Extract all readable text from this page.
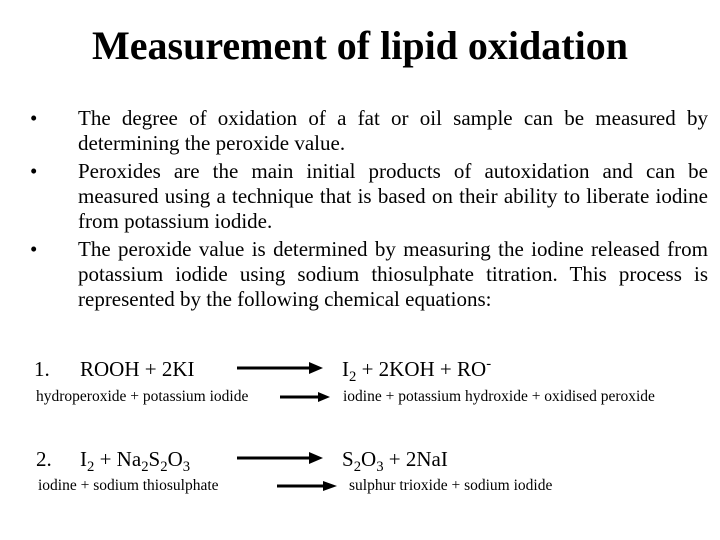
Measurement of lipid oxidation
•	The degree of oxidation of a fat or oil sample can be measured by determining the peroxide value.
•	Peroxides are the main initial products of autoxidation and can be measured using a technique that is based on their ability to liberate iodine from potassium iodide.
•	The peroxide value is determined by measuring the iodine released from potassium iodide using sodium thiosulphate titration. This process is represented by the following chemical equations:
1. ROOH + 2KI	$I_2 + 2KOH + RO^-$
hydroperoxide + potassium iodide → iodine + potassium hydroxide + oxidised peroxide
2. $I_2 + Na_2S_2O_3$	$S_2O_3 + 2NaI$
iodine + sodium thiosulphate	→ sulphur trioxide + sodium iodide
